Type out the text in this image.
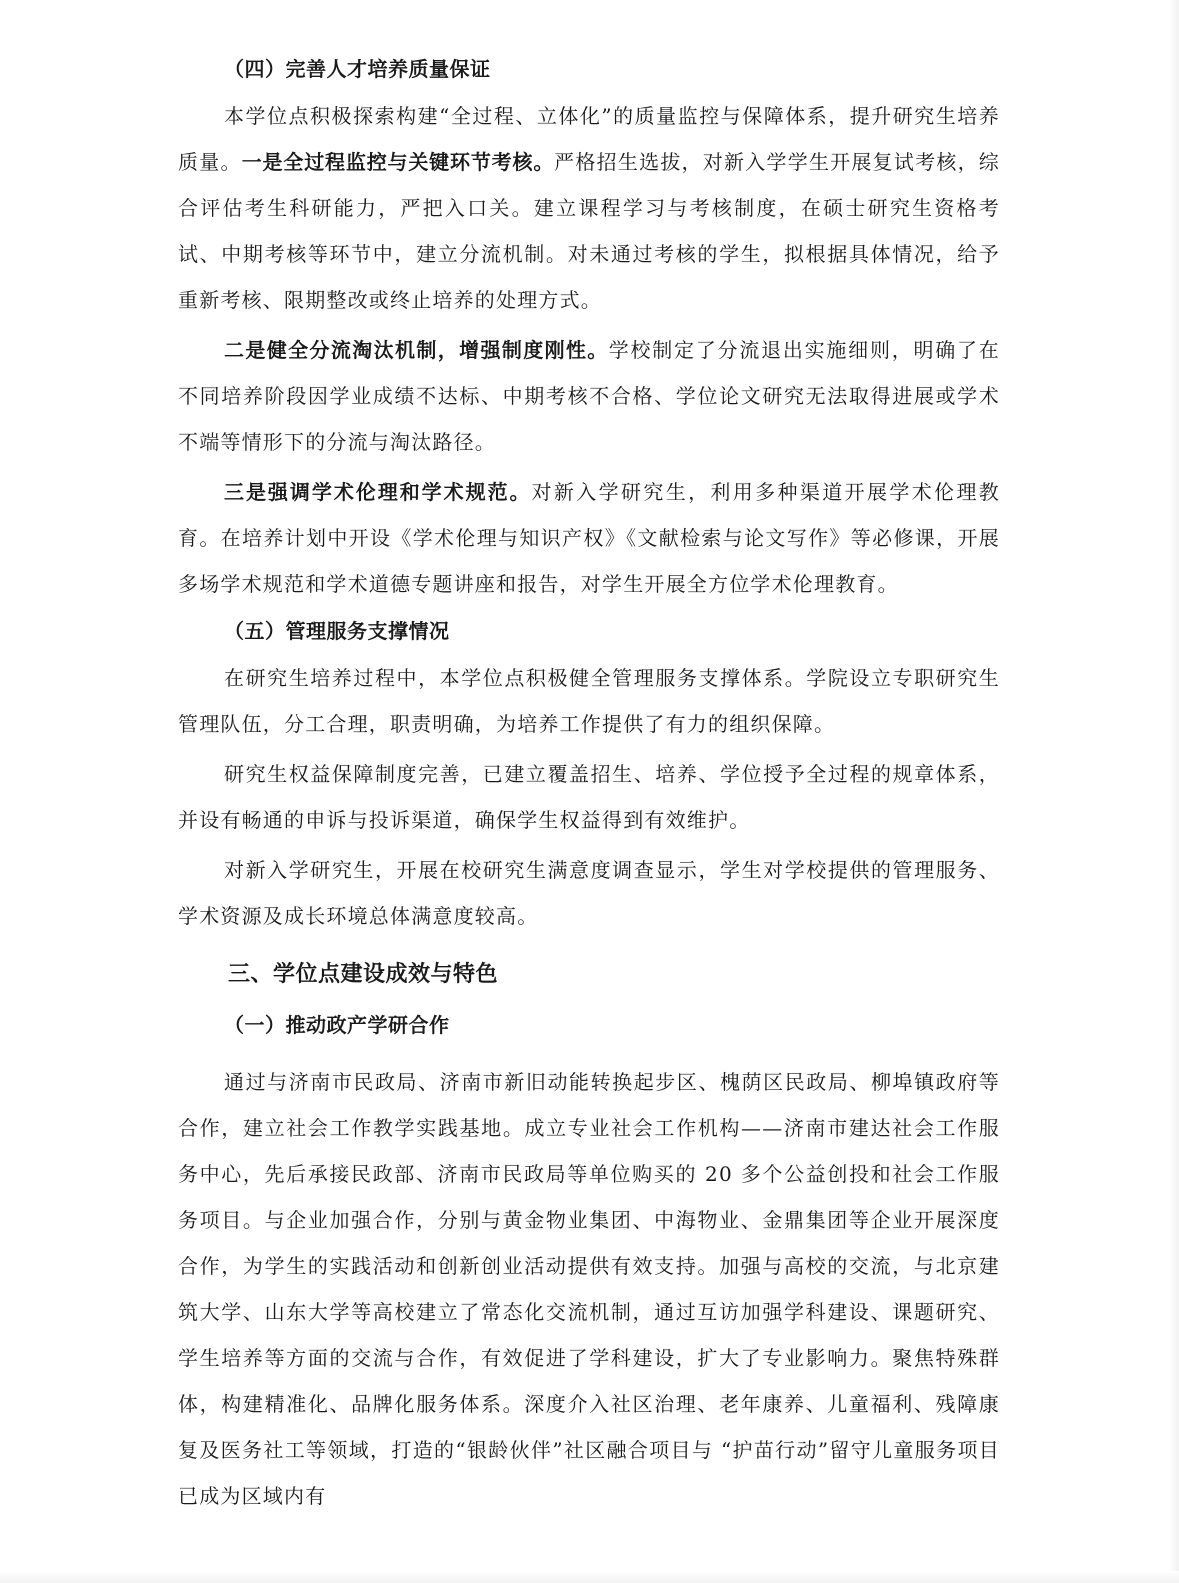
（四）完善人才培养质量保证

本学位点积极探索构建“全过程、立体化”的质量监控与保障体系，提升研究生培养质量。一是全过程监控与关键环节考核。严格招生选拔，对新入学学生开展复试考核，综合评估考生科研能力，严把入口关。建立课程学习与考核制度，在硕士研究生资格考试、中期考核等环节中，建立分流机制。对未通过考核的学生，拟根据具体情况，给予重新考核、限期整改或终止培养的处理方式。

二是健全分流淘汰机制，增强制度刚性。学校制定了分流退出实施细则，明确了在不同培养阶段因学业成绩不达标、中期考核不合格、学位论文研究无法取得进展或学术不端等情形下的分流与淘汰路径。

三是强调学术伦理和学术规范。对新入学研究生，利用多种渠道开展学术伦理教育。在培养计划中开设《学术伦理与知识产权》《文献检索与论文写作》等必修课，开展多场学术规范和学术道德专题讲座和报告，对学生开展全方位学术伦理教育。

（五）管理服务支撑情况

在研究生培养过程中，本学位点积极健全管理服务支撑体系。学院设立专职研究生管理队伍，分工合理，职责明确，为培养工作提供了有力的组织保障。

研究生权益保障制度完善，已建立覆盖招生、培养、学位授予全过程的规章体系，并设有畅通的申诉与投诉渠道，确保学生权益得到有效维护。

对新入学研究生，开展在校研究生满意度调查显示，学生对学校提供的管理服务、学术资源及成长环境总体满意度较高。

三、学位点建设成效与特色
（一）推动政产学研合作

通过与济南市民政局、济南市新旧动能转换起步区、槐荫区民政局、柳埠镇政府等合作，建立社会工作教学实践基地。成立专业社会工作机构——济南市建达社会工作服务中心，先后承接民政部、济南市民政局等单位购买的 20 多个公益创投和社会工作服务项目。与企业加强合作，分别与黄金物业集团、中海物业、金鼎集团等企业开展深度合作，为学生的实践活动和创新创业活动提供有效支持。加强与高校的交流，与北京建筑大学、山东大学等高校建立了常态化交流机制，通过互访加强学科建设、课题研究、学生培养等方面的交流与合作，有效促进了学科建设，扩大了专业影响力。聚焦特殊群体，构建精准化、品牌化服务体系。深度介入社区治理、老年康养、儿童福利、残障康复及医务社工等领域，打造的“银龄伙伴”社区融合项目与 “护苗行动”留守儿童服务项目已成为区域内有
